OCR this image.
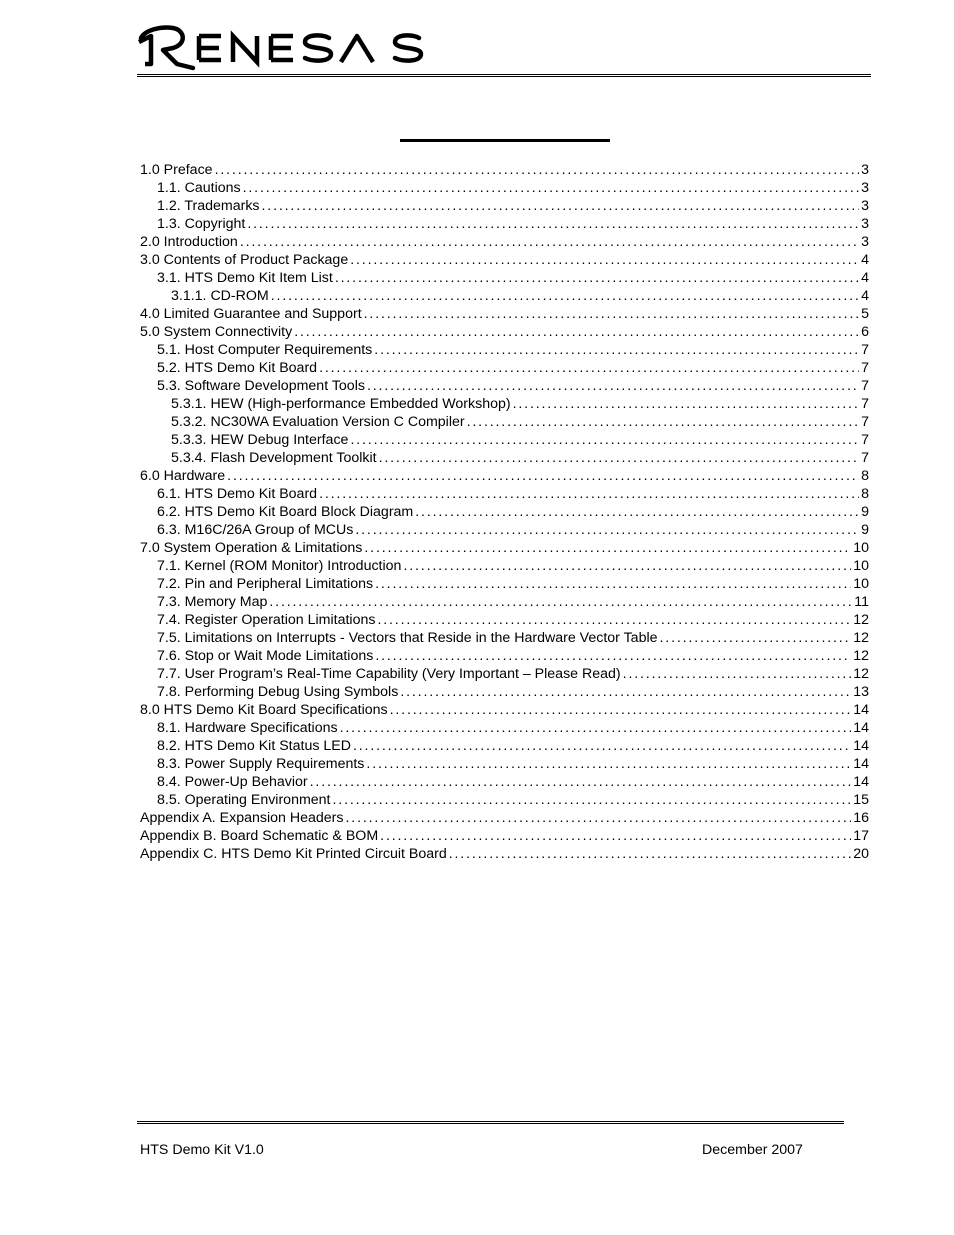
1.0 Preface . . .	3
1.1. Cautions . . .	3
1.2. Trademarks . . .	3
1.3. Copyright . . .	3
2.0 Introduction . . .	3
3.0 Contents of Product Package . . .	4
3.1. HTS Demo Kit Item List . . .	4
3.1.1. CD-ROM . . .	4
4.0 Limited Guarantee and Support . . .	5
5.0 System Connectivity . . .	6
5.1. Host Computer Requirements . . .	7
5.2. HTS Demo Kit Board . . .	7
5.3. Software Development Tools . . .	7
5.3.1. HEW (High-performance Embedded Workshop) . . .	7
5.3.2. NC30WA Evaluation Version C Compiler . . .	7
5.3.3. HEW Debug Interface . . .	7
5.3.4. Flash Development Toolkit . . .	7
6.0 Hardware . . .	8
6.1. HTS Demo Kit Board . . .	8
6.2. HTS Demo Kit Board Block Diagram . . .	9
6.3. M16C/26A Group of MCUs . . .	9
7.0 System Operation & Limitations . . .	10
7.1. Kernel (ROM Monitor) Introduction . . .	10
7.2. Pin and Peripheral Limitations . . .	10
7.3. Memory Map . . .	11
7.4. Register Operation Limitations . . .	12
7.5. Limitations on Interrupts - Vectors that Reside in the Hardware Vector Table . . .	12
7.6. Stop or Wait Mode Limitations . . .	12
7.7. User Program’s Real-Time Capability (Very Important – Please Read) . . .	12
7.8. Performing Debug Using Symbols . . .	13
8.0 HTS Demo Kit Board Specifications . . .	14
8.1. Hardware Specifications . . .	14
8.2. HTS Demo Kit Status LED . . .	14
8.3. Power Supply Requirements . . .	14
8.4. Power-Up Behavior . . .	14
8.5. Operating Environment . . .	15
Appendix A. Expansion Headers . . .	16
Appendix B. Board Schematic & BOM . . .	17
Appendix C. HTS Demo Kit Printed Circuit Board . . .	20
HTS Demo Kit V1.0	December 2007
